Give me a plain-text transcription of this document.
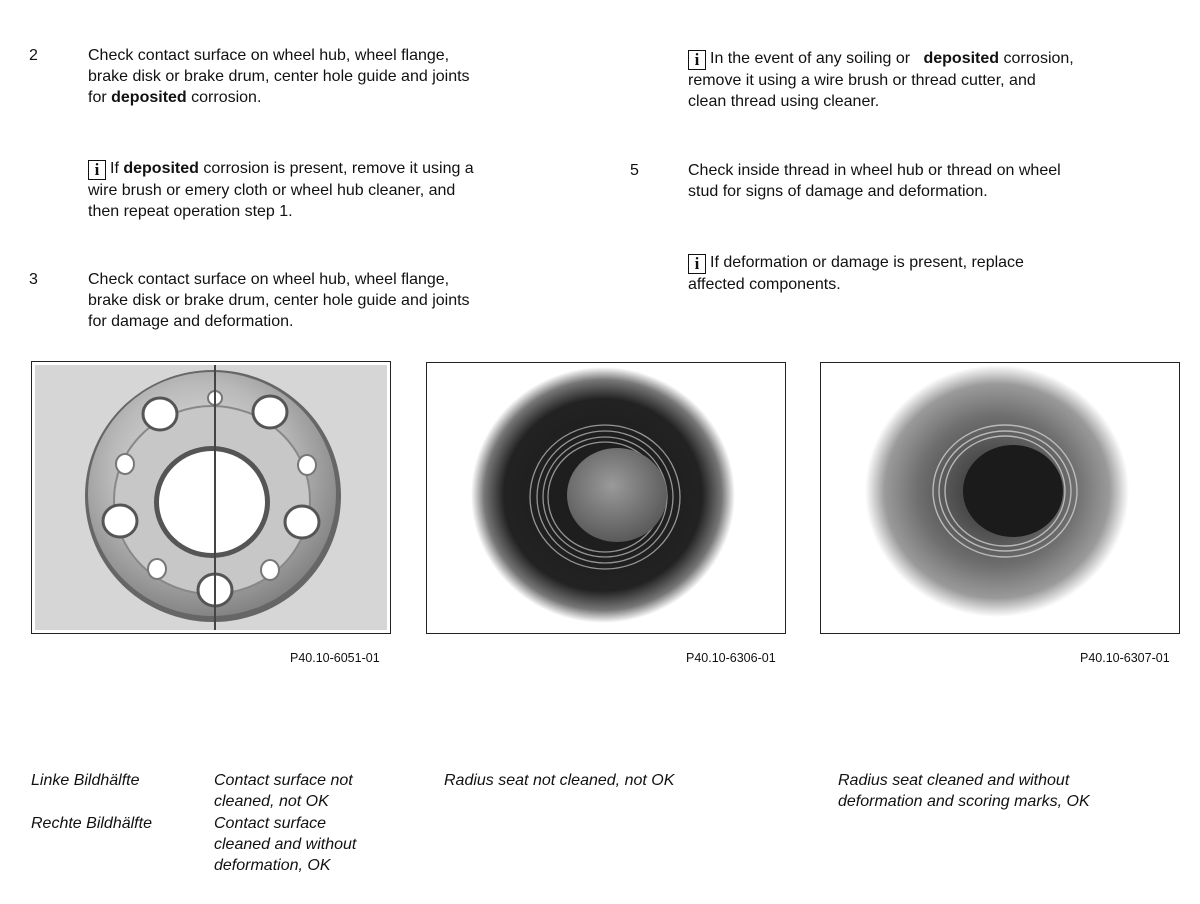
2	Check contact surface on wheel hub, wheel flange,
brake disk or brake drum, center hole guide and joints
for deposited corrosion.
i If deposited corrosion is present, remove it using a
wire brush or emery cloth or wheel hub cleaner, and
then repeat operation step 1.
3	Check contact surface on wheel hub, wheel flange,
brake disk or brake drum, center hole guide and joints
for damage and deformation.
i In the event of any soiling or deposited corrosion,
remove it using a wire brush or thread cutter, and
clean thread using cleaner.
5	Check inside thread in wheel hub or thread on wheel
stud for signs of damage and deformation.
i If deformation or damage is present, replace
affected components.
P40.10-6051-01	P40.10-6306-01	P40.10-6307-01
Linke Bildhälfte	Contact surface not
cleaned, not OK
Rechte Bildhälfte	Contact surface
cleaned and without
deformation, OK
Radius seat not cleaned, not OK	Radius seat cleaned and without
deformation and scoring marks, OK
